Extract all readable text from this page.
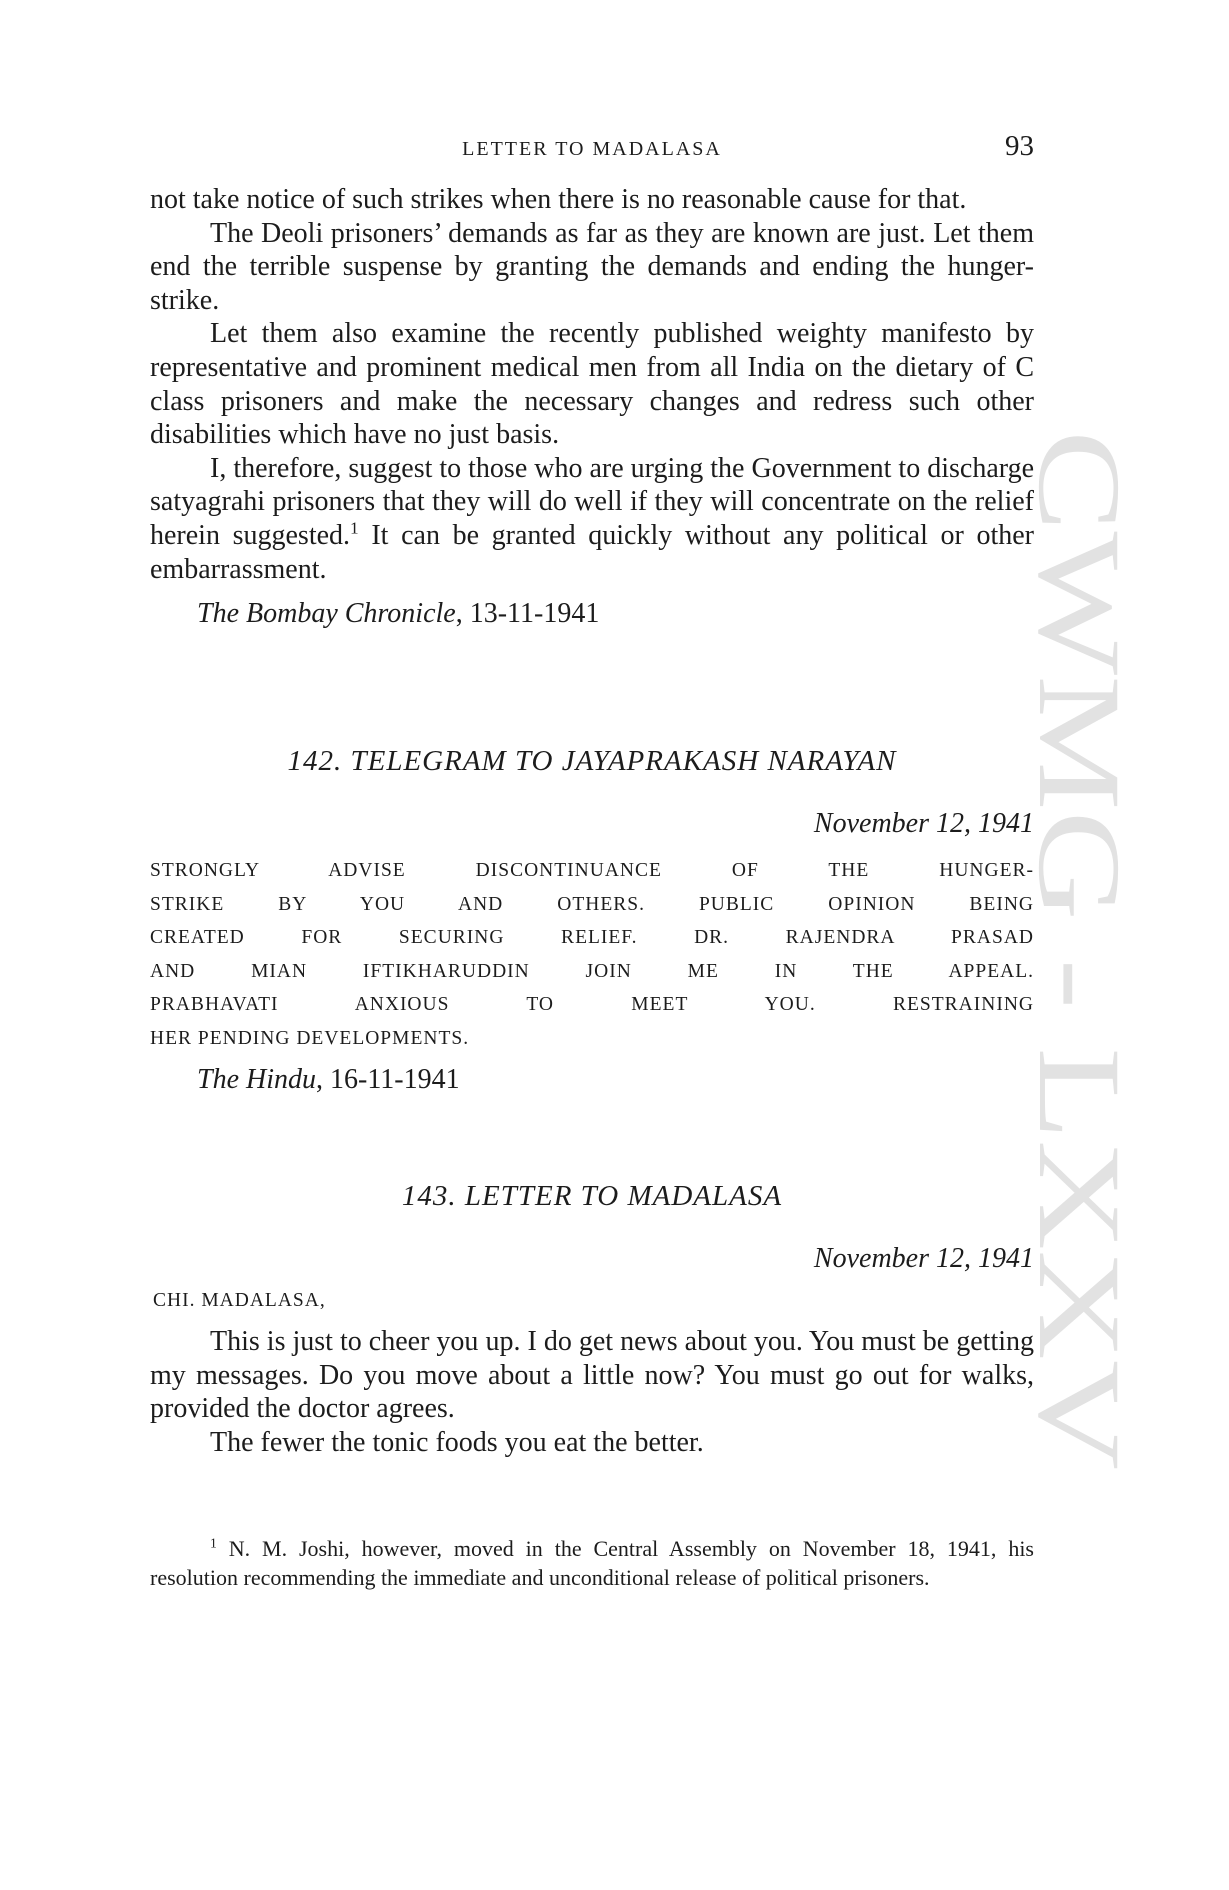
CWMG - LXXV
LETTER TO MADALASA	93

not take notice of such strikes when there is no reasonable cause for that.

The Deoli prisoners’ demands as far as they are known are just. Let them end the terrible suspense by granting the demands and ending the hunger-strike.

Let them also examine the recently published weighty manifesto by representative and prominent medical men from all India on the dietary of C class prisoners and make the necessary changes and redress such other disabilities which have no just basis.

I, therefore, suggest to those who are urging the Government to discharge satyagrahi prisoners that they will do well if they will concentrate on the relief herein suggested.$^1$ It can be granted quickly without any political or other embarrassment.

The Bombay Chronicle, 13-11-1941

142. TELEGRAM TO JAYAPRAKASH NARAYAN
November 12, 1941
STRONGLY ADVISE DISCONTINUANCE OF THE HUNGER-
STRIKE BY YOU AND OTHERS. PUBLIC OPINION BEING
CREATED FOR SECURING RELIEF. DR. RAJENDRA PRASAD
AND MIAN IFTIKHARUDDIN JOIN ME IN THE APPEAL.
PRABHAVATI ANXIOUS TO MEET YOU. RESTRAINING
HER PENDING DEVELOPMENTS.

The Hindu, 16-11-1941

143. LETTER TO MADALASA
November 12, 1941
CHI. MADALASA,

This is just to cheer you up. I do get news about you. You must be getting my messages. Do you move about a little now? You must go out for walks, provided the doctor agrees.

The fewer the tonic foods you eat the better.

$^1$ N. M. Joshi, however, moved in the Central Assembly on November 18, 1941, his resolution recommending the immediate and unconditional release of political prisoners.
